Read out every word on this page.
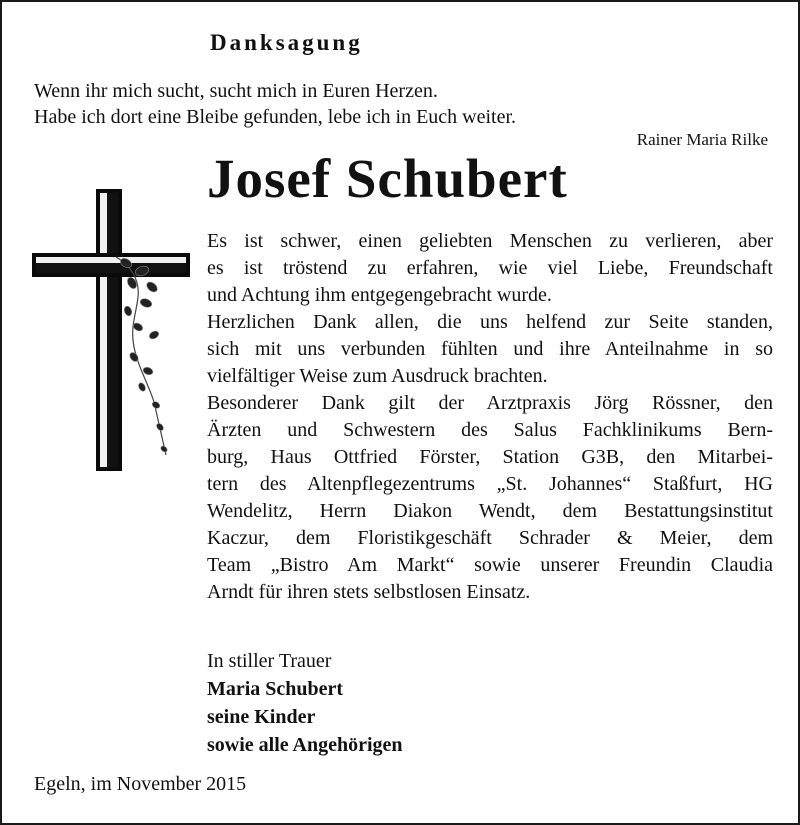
Danksagung

Wenn ihr mich sucht, sucht mich in Euren Herzen.

Habe ich dort eine Bleibe gefunden, lebe ich in Euch weiter.

Rainer Maria Rilke

Josef Schubert

Es ist schwer, einen geliebten Menschen zu verlieren, aber

es ist tröstend zu erfahren, wie viel Liebe, Freundschaft

und Achtung ihm entgegengebracht wurde.

Herzlichen Dank allen, die uns helfend zur Seite standen,

sich mit uns verbunden fühlten und ihre Anteilnahme in so

vielfältiger Weise zum Ausdruck brachten.

Besonderer Dank gilt der Arztpraxis Jörg Rössner, den

Ärzten und Schwestern des Salus Fachklinikums Bern-

burg, Haus Ottfried Förster, Station G3B, den Mitarbei-

tern des Altenpflegezentrums „St. Johannes“ Staßfurt, HG

Wendelitz, Herrn Diakon Wendt, dem Bestattungsinstitut

Kaczur, dem Floristikgeschäft Schrader & Meier, dem

Team „Bistro Am Markt“ sowie unserer Freundin Claudia

Arndt für ihren stets selbstlosen Einsatz.

In stiller Trauer

Maria Schubert

seine Kinder

sowie alle Angehörigen

Egeln, im November 2015
